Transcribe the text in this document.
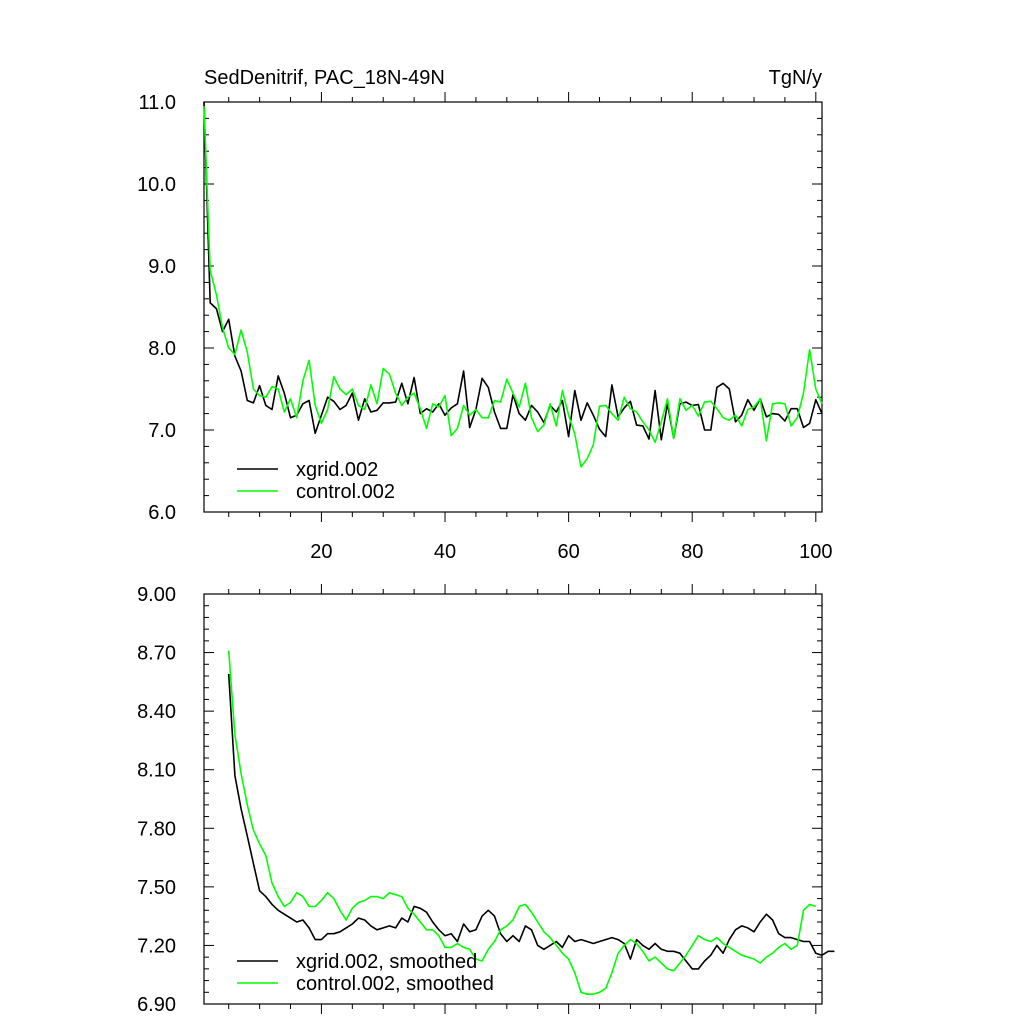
SedDenitrif, PAC_18N-49N	TgN/y
6.0
7.0
8.0
9.0
10.0
11.0
20	40	60	80	100
xgrid.002
control.002
6.90
7.20
7.50
7.80
8.10
8.40
8.70
9.00
xgrid.002, smoothed
control.002, smoothed
